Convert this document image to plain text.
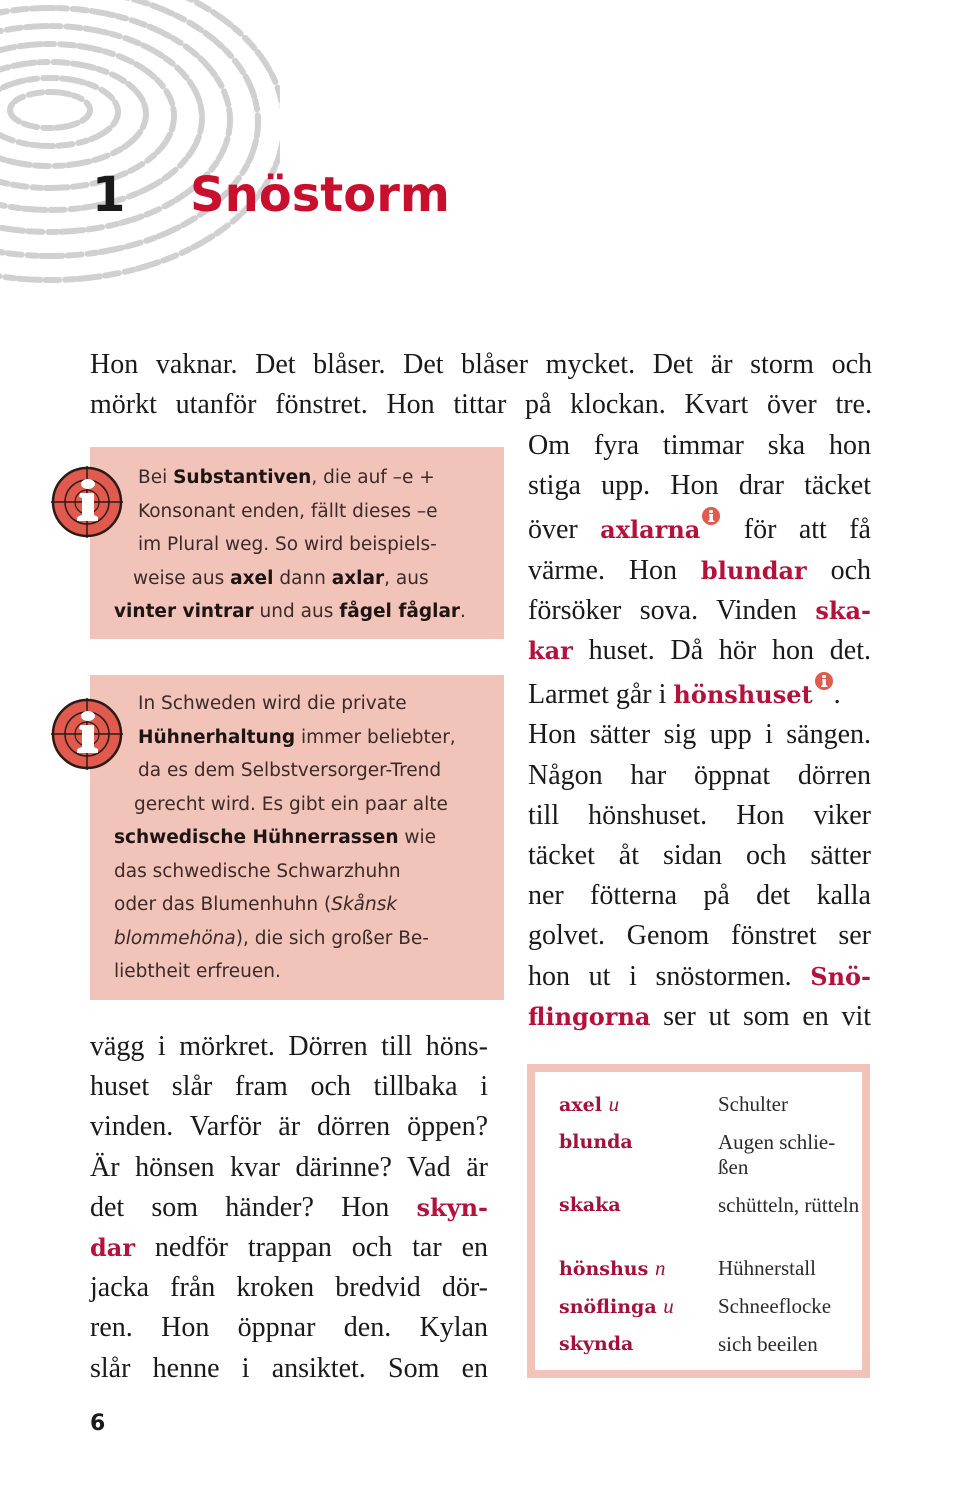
1 Snöstorm
Hon vaknar. Det blåser. Det blåser mycket. Det är storm och
mörkt utanför fönstret. Hon tittar på klockan. Kvart över tre.
Bei Substantiven, die auf –e +
Konsonant enden, fällt dieses –e
im Plural weg. So wird beispiels-
weise aus axel dann axlar, aus
vinter vintrar und aus fågel fåglar.
In Schweden wird die private
Hühnerhaltung immer beliebter,
da es dem Selbstversorger-Trend
gerecht wird. Es gibt ein paar alte
schwedische Hühnerrassen wie
das schwedische Schwarzhuhn
oder das Blumenhuhn (Skånsk
blommehöna), die sich großer Be-
liebtheit erfreuen.
Om fyra timmar ska hon
stiga upp. Hon drar täcket
över axlarna för att få
värme. Hon blundar och
försöker sova. Vinden ska-
kar huset. Då hör hon det.
Larmet går i hönshuset .
Hon sätter sig upp i sängen.
Någon har öppnat dörren
till hönshuset. Hon viker
täcket åt sidan och sätter
ner fötterna på det kalla
golvet. Genom fönstret ser
hon ut i snöstormen. Snö-
flingorna ser ut som en vit
vägg i mörkret. Dörren till höns-
huset slår fram och tillbaka i
vinden. Varför är dörren öppen?
Är hönsen kvar därinne? Vad är
det som händer? Hon skyn-
dar nedför trappan och tar en
jacka från kroken bredvid dör-
ren. Hon öppnar den. Kylan
slår henne i ansiktet. Som en
axel u	Schulter
blunda	Augen schlie-ßen
skaka	schütteln, rütteln
hönshus n	Hühnerstall
snöflinga u Schneeflocke
skynda	sich beeilen
6
